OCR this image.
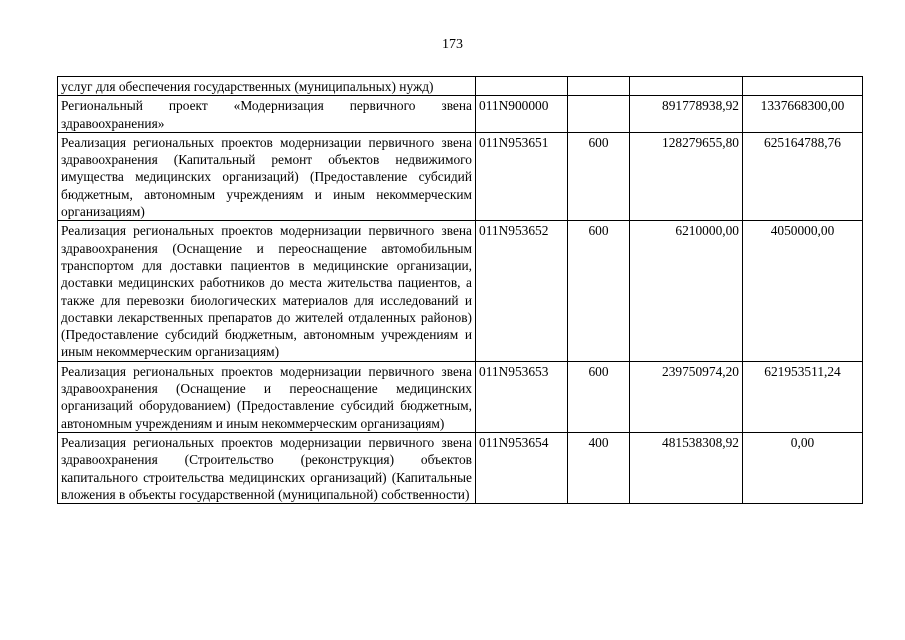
173
услуг для обеспечения государственных (муниципальных) нужд)				
Региональный проект «Модернизация первичного звена здравоохранения»	011N900000		891778938,92	1337668300,00
Реализация региональных проектов модернизации первичного звена здравоохранения (Капитальный ремонт объектов недвижимого имущества медицинских организаций) (Предоставление субсидий бюджетным, автономным учреждениям и иным некоммерческим организациям)	011N953651	600	128279655,80	625164788,76
Реализация региональных проектов модернизации первичного звена здравоохранения (Оснащение и переоснащение автомобильным транспортом для доставки пациентов в медицинские организации, доставки медицинских работников до места жительства пациентов, а также для перевозки биологических материалов для исследований и доставки лекарственных препаратов до жителей отдаленных районов) (Предоставление субсидий бюджетным, автономным учреждениям и иным некоммерческим организациям)	011N953652	600	6210000,00	4050000,00
Реализация региональных проектов модернизации первичного звена здравоохранения (Оснащение и переоснащение медицинских организаций оборудованием) (Предоставление субсидий бюджетным, автономным учреждениям и иным некоммерческим организациям)	011N953653	600	239750974,20	621953511,24
Реализация региональных проектов модернизации первичного звена здравоохранения (Строительство (реконструкция) объектов капитального строительства медицинских организаций) (Капитальные вложения в объекты государственной (муниципальной) собственности)	011N953654	400	481538308,92	0,00
